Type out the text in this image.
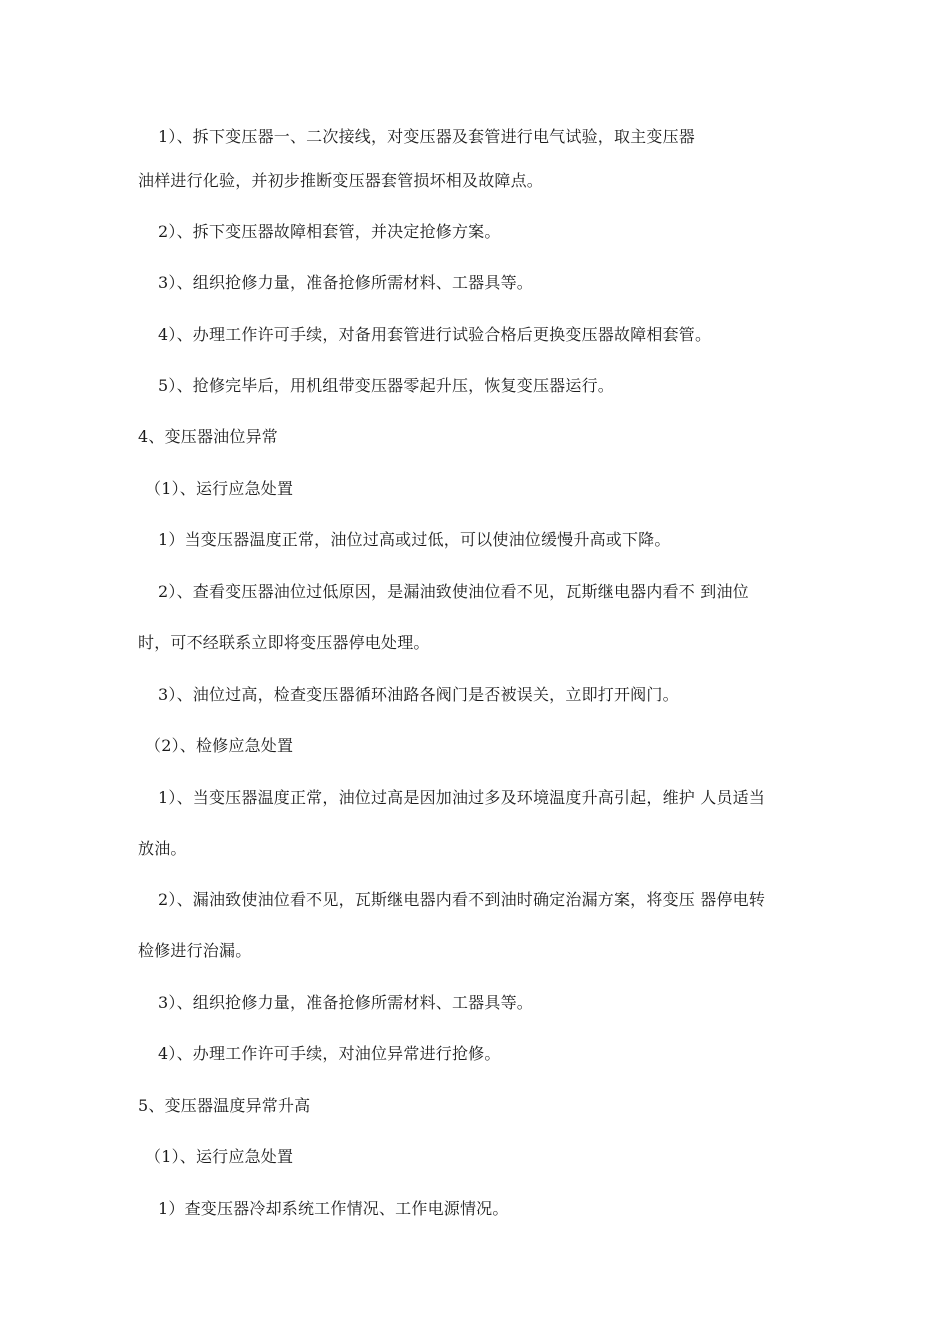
1）、拆下变压器一、二次接线，对变压器及套管进行电气试验，取主变压器
油样进行化验，并初步推断变压器套管损坏相及故障点。
2）、拆下变压器故障相套管，并决定抢修方案。
3）、组织抢修力量，准备抢修所需材料、工器具等。
4）、办理工作许可手续，对备用套管进行试验合格后更换变压器故障相套管。
5）、抢修完毕后，用机组带变压器零起升压，恢复变压器运行。
4、变压器油位异常
（1）、运行应急处置
1）当变压器温度正常，油位过高或过低，可以使油位缓慢升高或下降。
2）、查看变压器油位过低原因，是漏油致使油位看不见，瓦斯继电器内看不 到油位
时，可不经联系立即将变压器停电处理。
3）、油位过高，检查变压器循环油路各阀门是否被误关，立即打开阀门。
（2）、检修应急处置
1）、当变压器温度正常，油位过高是因加油过多及环境温度升高引起，维护 人员适当
放油。
2）、漏油致使油位看不见，瓦斯继电器内看不到油时确定治漏方案，将变压 器停电转
检修进行治漏。
3）、组织抢修力量，准备抢修所需材料、工器具等。
4）、办理工作许可手续，对油位异常进行抢修。
5、变压器温度异常升高
（1）、运行应急处置
1）查变压器冷却系统工作情况、工作电源情况。
